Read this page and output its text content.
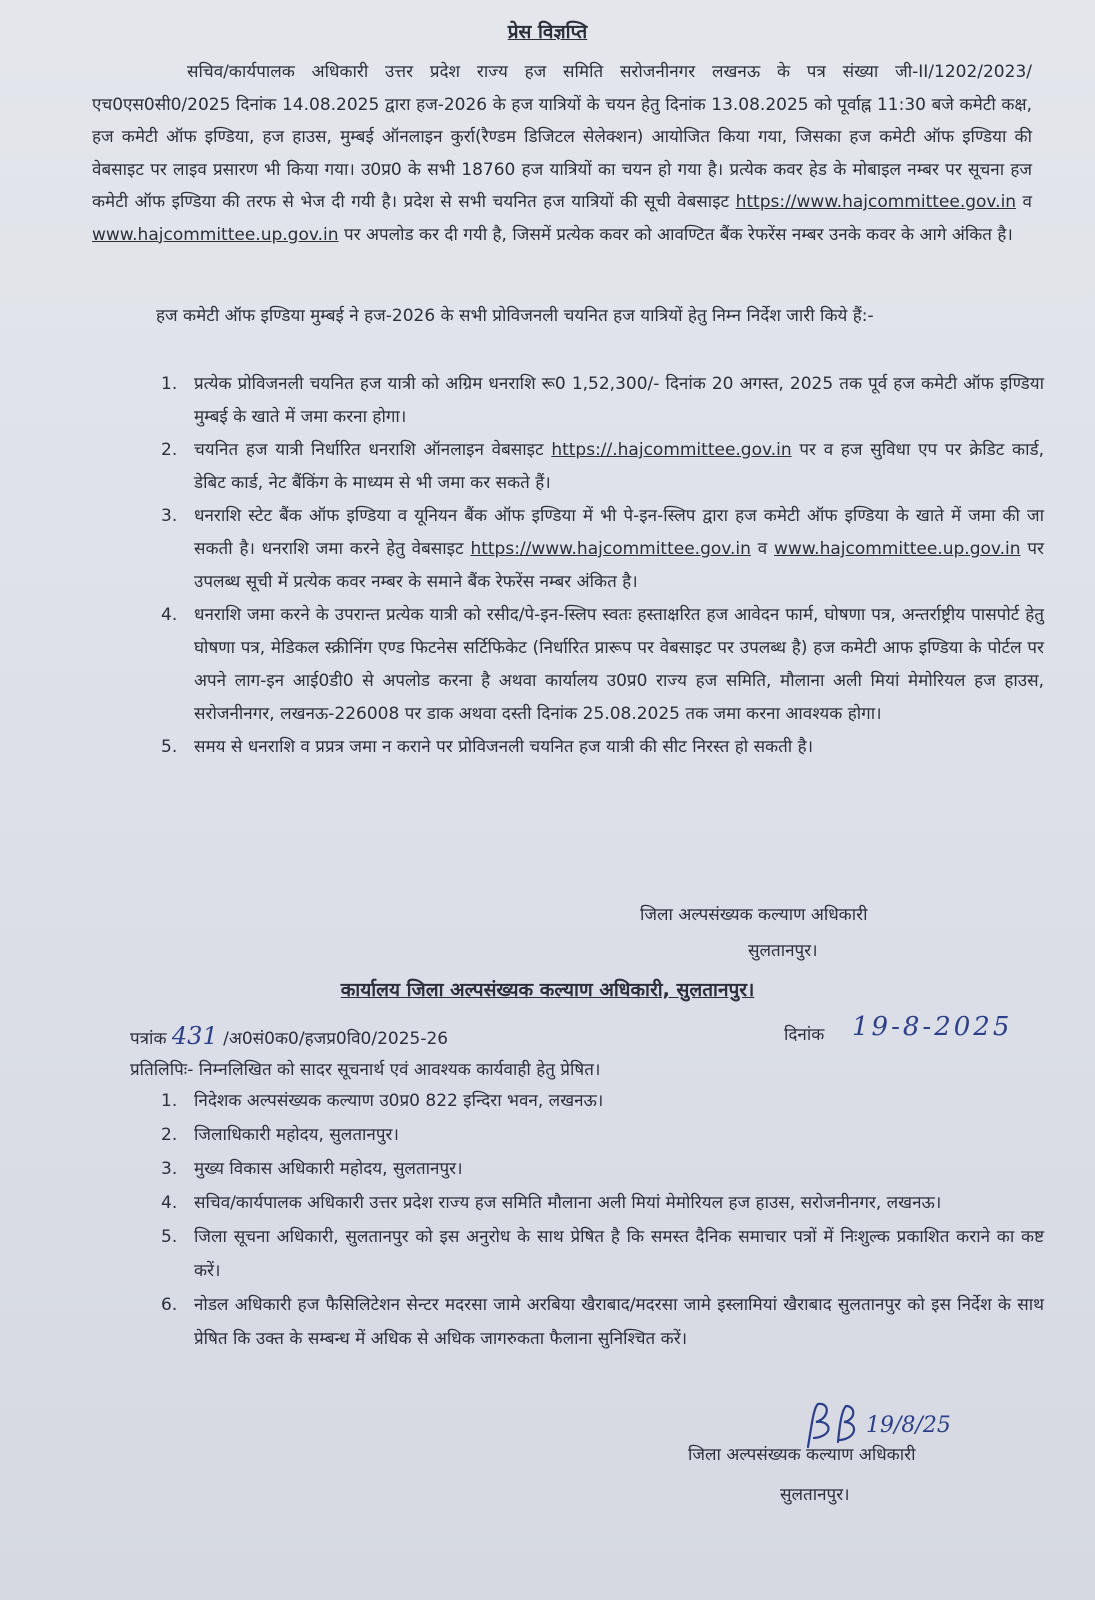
प्रेस विज्ञप्ति
सचिव/कार्यपालक अधिकारी उत्तर प्रदेश राज्य हज समिति सरोजनीनगर लखनऊ के पत्र संख्या जी-II/1202/2023/एच0एस0सी0/2025 दिनांक 14.08.2025 द्वारा हज-2026 के हज यात्रियों के चयन हेतु दिनांक 13.08.2025 को पूर्वाह्न 11:30 बजे कमेटी कक्ष, हज कमेटी ऑफ इण्डिया, हज हाउस, मुम्बई ऑनलाइन कुर्रा(रैण्डम डिजिटल सेलेक्शन) आयोजित किया गया, जिसका हज कमेटी ऑफ इण्डिया की वेबसाइट पर लाइव प्रसारण भी किया गया। उ0प्र0 के सभी 18760 हज यात्रियों का चयन हो गया है। प्रत्येक कवर हेड के मोबाइल नम्बर पर सूचना हज कमेटी ऑफ इण्डिया की तरफ से भेज दी गयी है। प्रदेश से सभी चयनित हज यात्रियों की सूची वेबसाइट https://www.hajcommittee.gov.in व www.hajcommittee.up.gov.in पर अपलोड कर दी गयी है, जिसमें प्रत्येक कवर को आवण्टित बैंक रेफरेंस नम्बर उनके कवर के आगे अंकित है।
हज कमेटी ऑफ इण्डिया मुम्बई ने हज-2026 के सभी प्रोविजनली चयनित हज यात्रियों हेतु निम्न निर्देश जारी किये हैं:-
1. प्रत्येक प्रोविजनली चयनित हज यात्री को अग्रिम धनराशि रू0 1,52,300/- दिनांक 20 अगस्त, 2025 तक पूर्व हज कमेटी ऑफ इण्डिया मुम्बई के खाते में जमा करना होगा।
2. चयनित हज यात्री निर्धारित धनराशि ऑनलाइन वेबसाइट https://.hajcommittee.gov.in पर व हज सुविधा एप पर क्रेडिट कार्ड, डेबिट कार्ड, नेट बैंकिंग के माध्यम से भी जमा कर सकते हैं।
3. धनराशि स्टेट बैंक ऑफ इण्डिया व यूनियन बैंक ऑफ इण्डिया में भी पे-इन-स्लिप द्वारा हज कमेटी ऑफ इण्डिया के खाते में जमा की जा सकती है। धनराशि जमा करने हेतु वेबसाइट https://www.hajcommittee.gov.in व www.hajcommittee.up.gov.in पर उपलब्ध सूची में प्रत्येक कवर नम्बर के समाने बैंक रेफरेंस नम्बर अंकित है।
4. धनराशि जमा करने के उपरान्त प्रत्येक यात्री को रसीद/पे-इन-स्लिप स्वतः हस्ताक्षरित हज आवेदन फार्म, घोषणा पत्र, अन्तर्राष्ट्रीय पासपोर्ट हेतु घोषणा पत्र, मेडिकल स्क्रीनिंग एण्ड फिटनेस सर्टिफिकेट (निर्धारित प्रारूप पर वेबसाइट पर उपलब्ध है) हज कमेटी आफ इण्डिया के पोर्टल पर अपने लाग-इन आई0डी0 से अपलोड करना है अथवा कार्यालय उ0प्र0 राज्य हज समिति, मौलाना अली मियां मेमोरियल हज हाउस, सरोजनीनगर, लखनऊ-226008 पर डाक अथवा दस्ती दिनांक 25.08.2025 तक जमा करना आवश्यक होगा।
5. समय से धनराशि व प्रप्रत्र जमा न कराने पर प्रोविजनली चयनित हज यात्री की सीट निरस्त हो सकती है।
जिला अल्पसंख्यक कल्याण अधिकारी
सुलतानपुर।
कार्यालय जिला अल्पसंख्यक कल्याण अधिकारी, सुलतानपुर।
पत्रांक 431 /अ0सं0क0/हजप्र0वि0/2025-26	दिनांक 19-8-2025
प्रतिलिपिः- निम्नलिखित को सादर सूचनार्थ एवं आवश्यक कार्यवाही हेतु प्रेषित।
1. निदेशक अल्पसंख्यक कल्याण उ0प्र0 822 इन्दिरा भवन, लखनऊ।
2. जिलाधिकारी महोदय, सुलतानपुर।
3. मुख्य विकास अधिकारी महोदय, सुलतानपुर।
4. सचिव/कार्यपालक अधिकारी उत्तर प्रदेश राज्य हज समिति मौलाना अली मियां मेमोरियल हज हाउस, सरोजनीनगर, लखनऊ।
5. जिला सूचना अधिकारी, सुलतानपुर को इस अनुरोध के साथ प्रेषित है कि समस्त दैनिक समाचार पत्रों में निःशुल्क प्रकाशित कराने का कष्ट करें।
6. नोडल अधिकारी हज फैसिलिटेशन सेन्टर मदरसा जामे अरबिया खैराबाद/मदरसा जामे इस्लामियां खैराबाद सुलतानपुर को इस निर्देश के साथ प्रेषित कि उक्त के सम्बन्ध में अधिक से अधिक जागरुकता फैलाना सुनिश्चित करें।
19/8/25
जिला अल्पसंख्यक कल्याण अधिकारी
सुलतानपुर।
